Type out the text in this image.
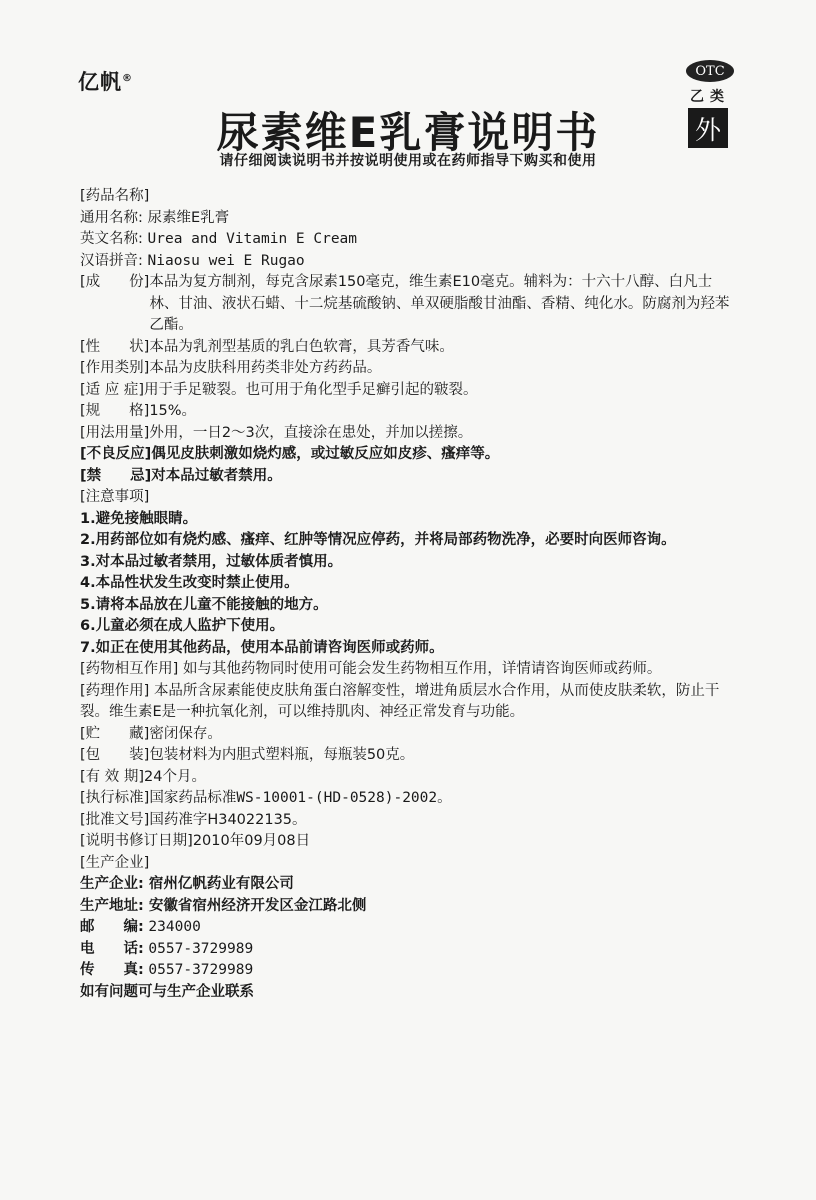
亿帆®	OTC
乙类
外
尿素维E乳膏说明书
请仔细阅读说明书并按说明使用或在药师指导下购买和使用
[药品名称]
通用名称: 尿素维E乳膏
英文名称: Urea and Vitamin E Cream
汉语拼音: Niaosu wei E Rugao
[成　　份] 本品为复方制剂，每克含尿素150毫克，维生素E10毫克。辅料为：十六十八醇、白凡士林、甘油、液状石蜡、十二烷基硫酸钠、单双硬脂酸甘油酯、香精、纯化水。防腐剂为羟苯乙酯。
[性　　状] 本品为乳剂型基质的乳白色软膏，具芳香气味。
[作用类别] 本品为皮肤科用药类非处方药药品。
[适 应 症] 用于手足皲裂。也可用于角化型手足癣引起的皲裂。
[规　　格] 15%。
[用法用量] 外用，一日2～3次，直接涂在患处，并加以搓擦。
[不良反应] 偶见皮肤刺激如烧灼感，或过敏反应如皮疹、瘙痒等。
[禁　　忌] 对本品过敏者禁用。
[注意事项]
1.避免接触眼睛。
2.用药部位如有烧灼感、瘙痒、红肿等情况应停药，并将局部药物洗净，必要时向医师咨询。
3.对本品过敏者禁用，过敏体质者慎用。
4.本品性状发生改变时禁止使用。
5.请将本品放在儿童不能接触的地方。
6.儿童必须在成人监护下使用。
7.如正在使用其他药品，使用本品前请咨询医师或药师。
[药物相互作用] 如与其他药物同时使用可能会发生药物相互作用，详情请咨询医师或药师。
[药理作用] 本品所含尿素能使皮肤角蛋白溶解变性，增进角质层水合作用，从而使皮肤柔软，防止干裂。维生素E是一种抗氧化剂，可以维持肌肉、神经正常发育与功能。
[贮　　藏]密闭保存。
[包　　装]包装材料为内胆式塑料瓶，每瓶装50克。
[有 效 期]24个月。
[执行标准]国家药品标准WS-10001-(HD-0528)-2002。
[批准文号]国药准字H34022135。
[说明书修订日期]2010年09月08日
[生产企业]
生产企业: 宿州亿帆药业有限公司
生产地址: 安徽省宿州经济开发区金江路北侧
邮　　编: 234000
电　　话: 0557-3729989
传　　真: 0557-3729989
如有问题可与生产企业联系
